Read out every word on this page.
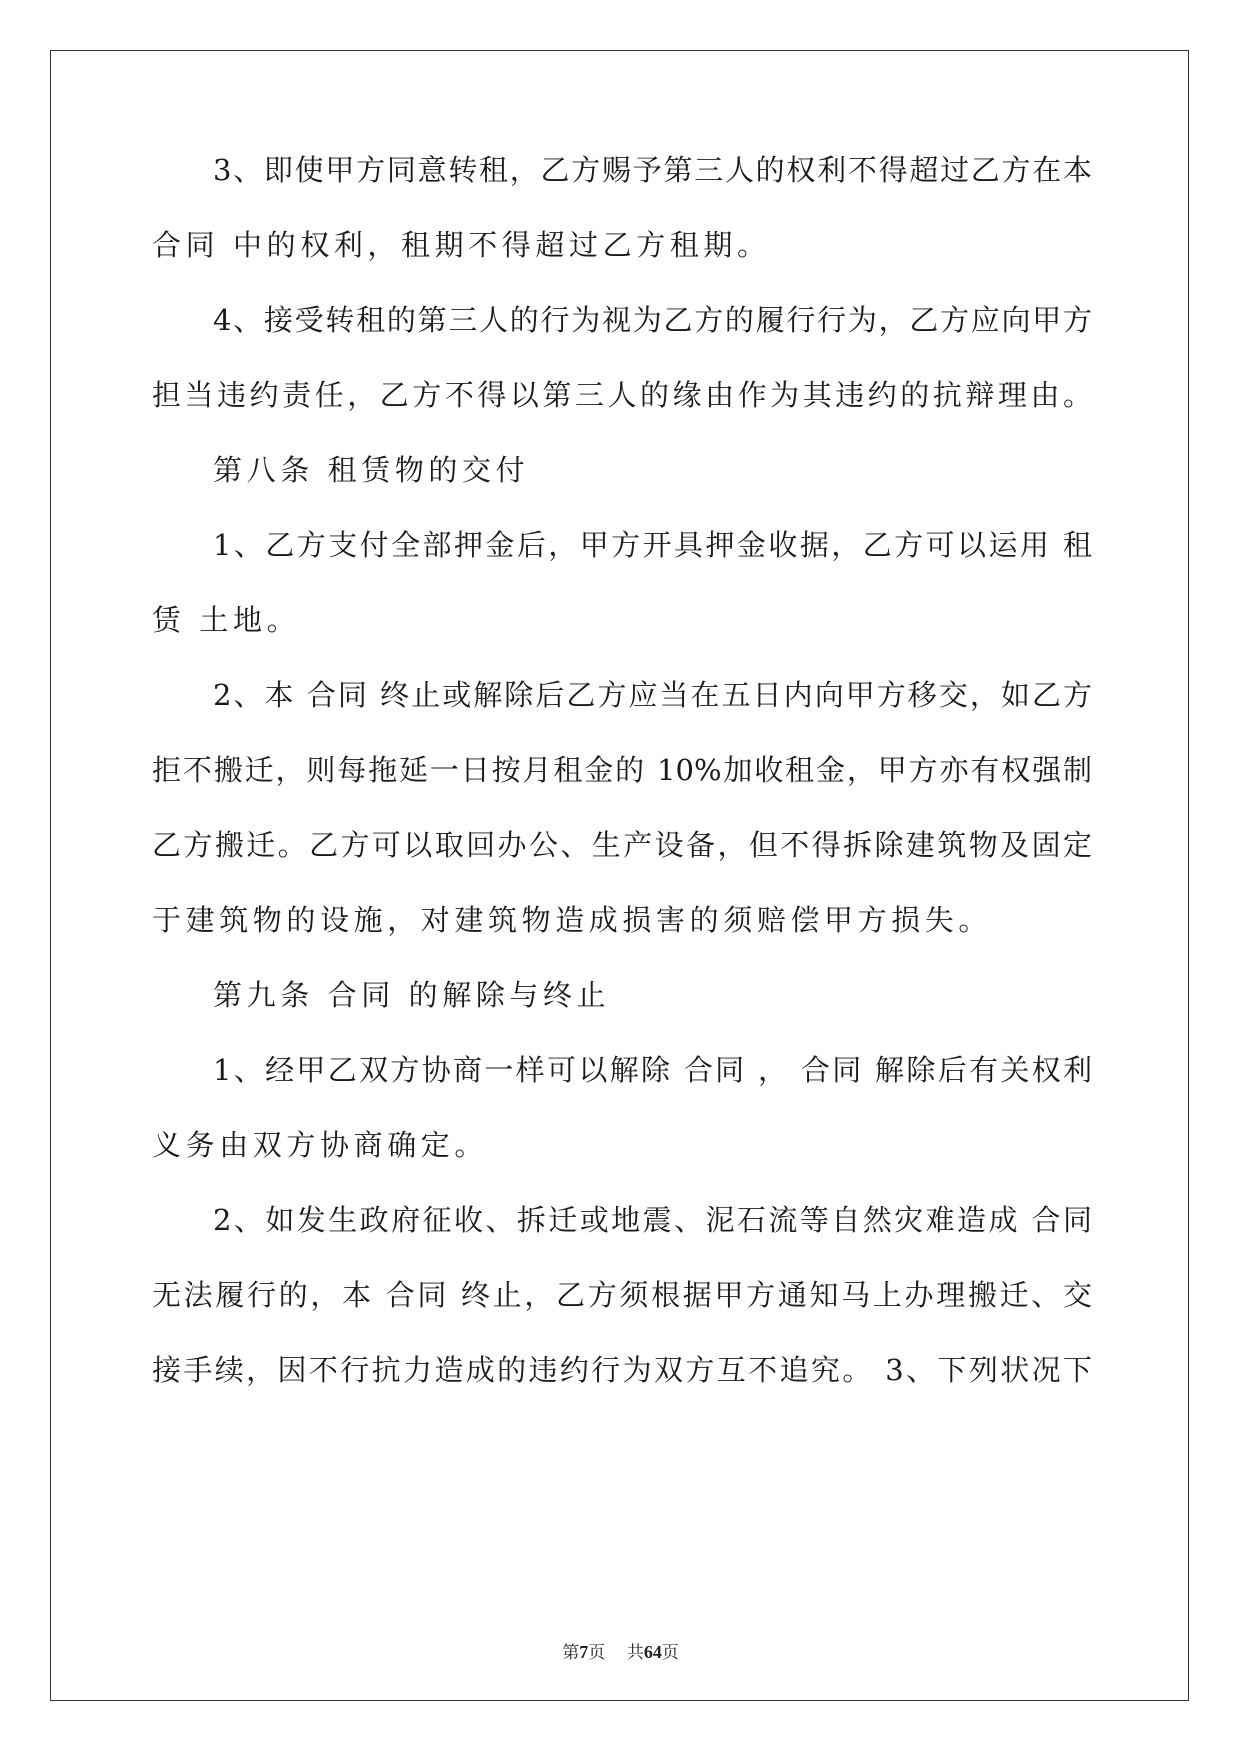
3、即使甲方同意转租，乙方赐予第三人的权利不得超过乙方在本
合同 中的权利，租期不得超过乙方租期。
4、接受转租的第三人的行为视为乙方的履行行为，乙方应向甲方
担当违约责任，乙方不得以第三人的缘由作为其违约的抗辩理由。
第八条 租赁物的交付
1、乙方支付全部押金后，甲方开具押金收据，乙方可以运用 租
赁 土地。
2、本 合同 终止或解除后乙方应当在五日内向甲方移交，如乙方
拒不搬迁，则每拖延一日按月租金的 10%加收租金，甲方亦有权强制
乙方搬迁。乙方可以取回办公、生产设备，但不得拆除建筑物及固定
于建筑物的设施，对建筑物造成损害的须赔偿甲方损失。
第九条 合同 的解除与终止
1、经甲乙双方协商一样可以解除 合同 ， 合同 解除后有关权利
义务由双方协商确定。
2、如发生政府征收、拆迁或地震、泥石流等自然灾难造成 合同
无法履行的，本 合同 终止，乙方须根据甲方通知马上办理搬迁、交
接手续，因不行抗力造成的违约行为双方互不追究。 3、下列状况下
第7页 共64页
